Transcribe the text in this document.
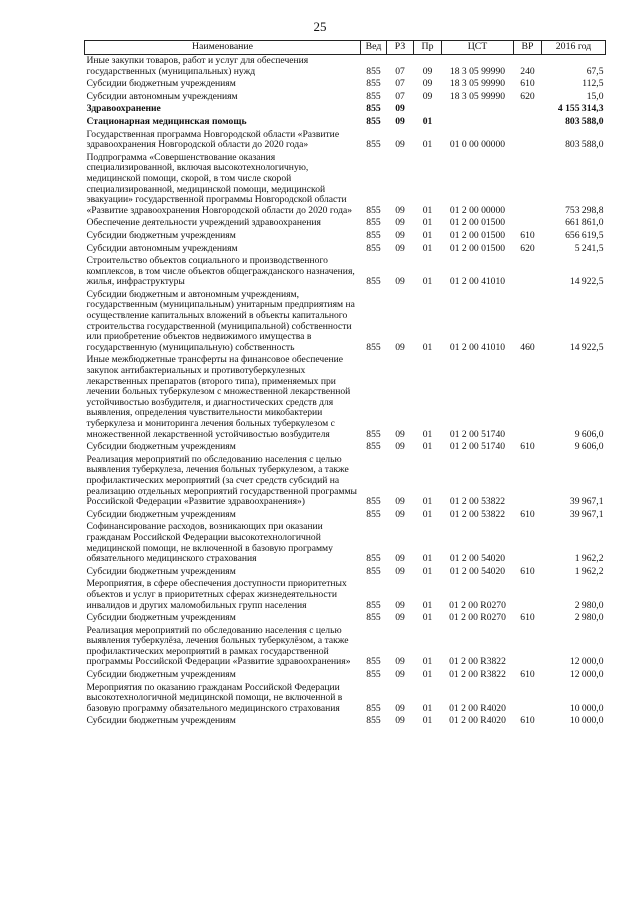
25
Наименование	Вед	РЗ	Пр	ЦСТ	ВР	2016 год
Иные закупки товаров, работ и услуг для обеспечения государственных (муниципальных) нужд	855	07	09	18 3 05 99990	240	67,5
Субсидии бюджетным учреждениям	855	07	09	18 3 05 99990	610	112,5
Субсидии автономным учреждениям	855	07	09	18 3 05 99990	620	15,0
Здравоохранение	855	09				4 155 314,3
Стационарная медицинская помощь	855	09	01			803 588,0
Государственная программа Новгородской области «Развитие здравоохранения Новгородской области до 2020 года»	855	09	01	01 0 00 00000		803 588,0
Подпрограмма «Совершенствование оказания специализированной, включая высокотехнологичную, медицинской помощи, скорой, в том числе скорой специализированной, медицинской помощи, медицинской эвакуации» государственной программы Новгородской области «Развитие здравоохранения Новгородской области до 2020 года»	855	09	01	01 2 00 00000		753 298,8
Обеспечение деятельности учреждений здравоохранения	855	09	01	01 2 00 01500		661 861,0
Субсидии бюджетным учреждениям	855	09	01	01 2 00 01500	610	656 619,5
Субсидии автономным учреждениям	855	09	01	01 2 00 01500	620	5 241,5
Строительство объектов социального и производственного комплексов, в том числе объектов общегражданского назначения, жилья, инфраструктуры	855	09	01	01 2 00 41010		14 922,5
Субсидии бюджетным и автономным учреждениям, государственным (муниципальным) унитарным предприятиям на осуществление капитальных вложений в объекты капитального строительства государственной (муниципальной) собственности или приобретение объектов недвижимого имущества в государственную (муниципальную) собственность	855	09	01	01 2 00 41010	460	14 922,5
Иные межбюджетные трансферты на финансовое обеспечение закупок антибактериальных и противотуберкулезных лекарственных препаратов (второго типа), применяемых при лечении больных туберкулезом с множественной лекарственной устойчивостью возбудителя, и диагностических средств для выявления, определения чувствительности микобактерии туберкулеза и мониторинга лечения больных туберкулезом с множественной лекарственной устойчивостью возбудителя	855	09	01	01 2 00 51740		9 606,0
Субсидии бюджетным учреждениям	855	09	01	01 2 00 51740	610	9 606,0
Реализация мероприятий по обследованию населения с целью выявления туберкулеза, лечения больных туберкулезом, а также профилактических мероприятий (за счет средств субсидий на реализацию отдельных мероприятий государственной программы Российской Федерации «Развитие здравоохранения»)	855	09	01	01 2 00 53822		39 967,1
Субсидии бюджетным учреждениям	855	09	01	01 2 00 53822	610	39 967,1
Софинансирование расходов, возникающих при оказании гражданам Российской Федерации высокотехнологичной медицинской помощи, не включенной в базовую программу обязательного медицинского страхования	855	09	01	01 2 00 54020		1 962,2
Субсидии бюджетным учреждениям	855	09	01	01 2 00 54020	610	1 962,2
Мероприятия, в сфере обеспечения доступности приоритетных объектов и услуг в приоритетных сферах жизнедеятельности инвалидов и других маломобильных групп населения	855	09	01	01 2 00 R0270		2 980,0
Субсидии бюджетным учреждениям	855	09	01	01 2 00 R0270	610	2 980,0
Реализация мероприятий по обследованию населения с целью выявления туберкулёза, лечения больных туберкулёзом, а также профилактических мероприятий в рамках государственной программы Российской Федерации «Развитие здравоохранения»	855	09	01	01 2 00 R3822		12 000,0
Субсидии бюджетным учреждениям	855	09	01	01 2 00 R3822	610	12 000,0
Мероприятия по оказанию гражданам Российской Федерации высокотехнологичной медицинской помощи, не включенной в базовую программу обязательного медицинского страхования	855	09	01	01 2 00 R4020		10 000,0
Субсидии бюджетным учреждениям	855	09	01	01 2 00 R4020	610	10 000,0
